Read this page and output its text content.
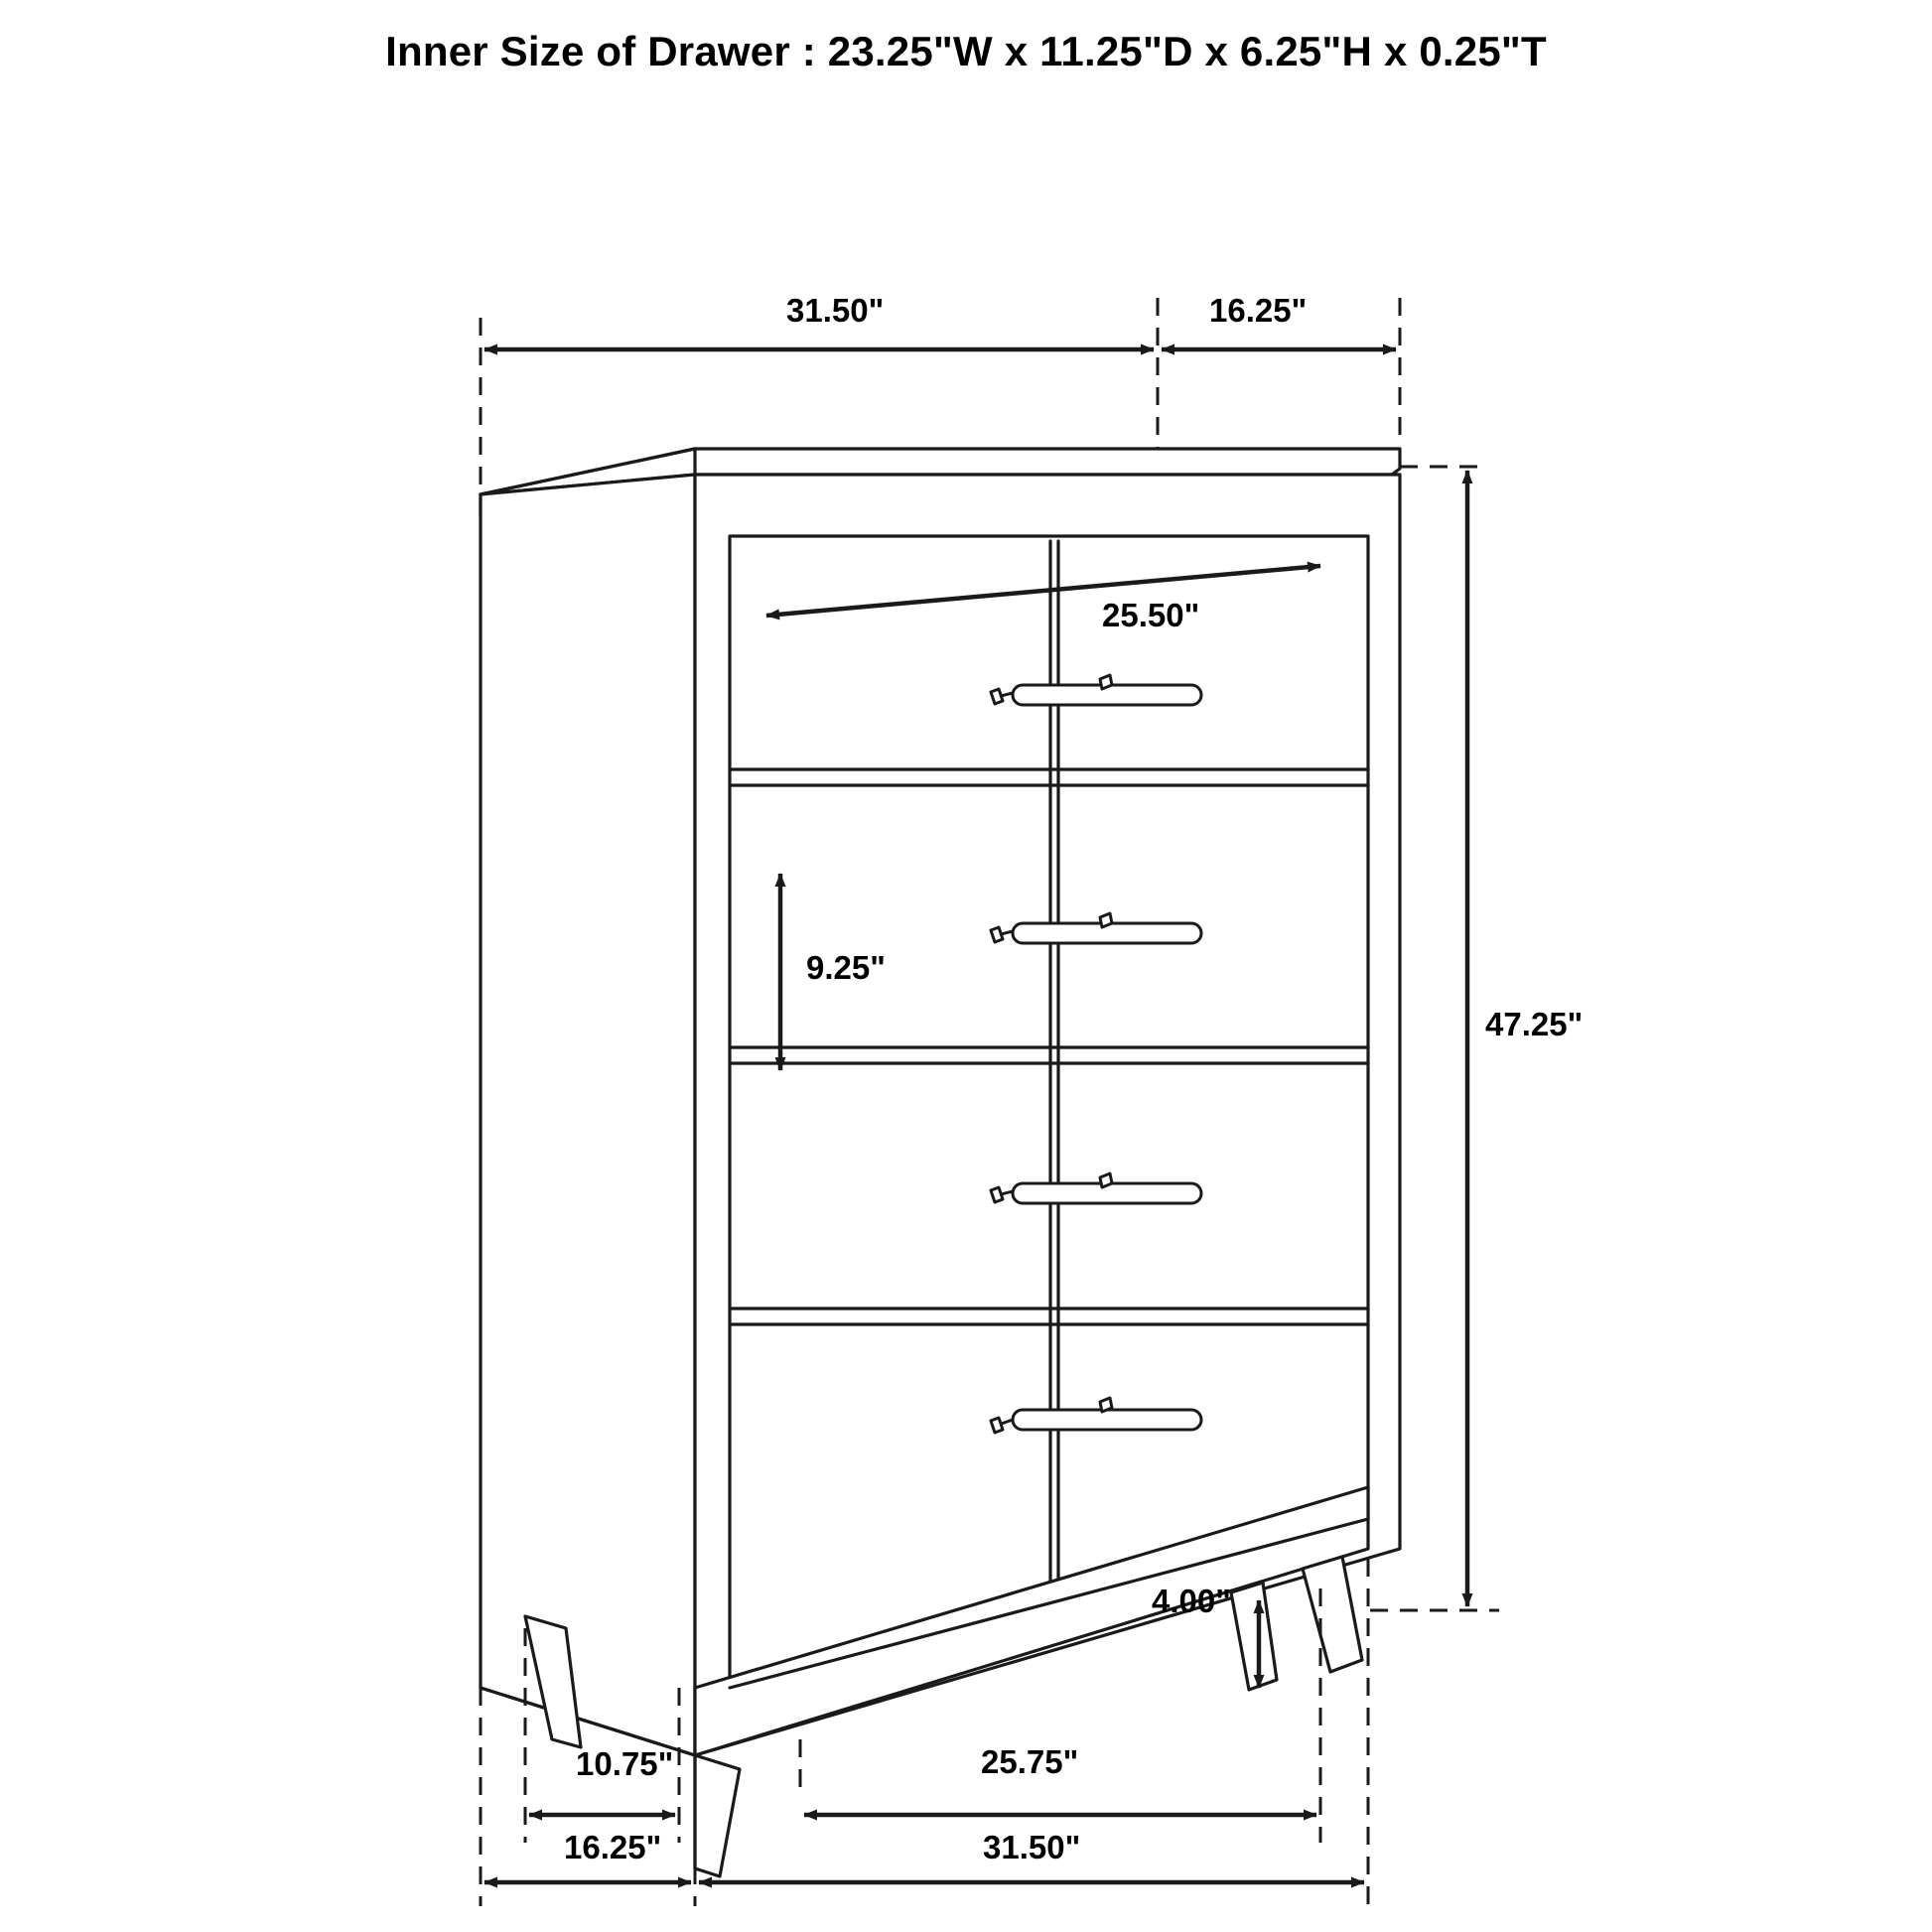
Inner Size of Drawer : 23.25"W x 11.25"D x 6.25"H x 0.25"T
31.50"	16.25"
25.50"
9.25"
47.25"
4.00"
10.75"	25.75"
16.25"	31.50"
